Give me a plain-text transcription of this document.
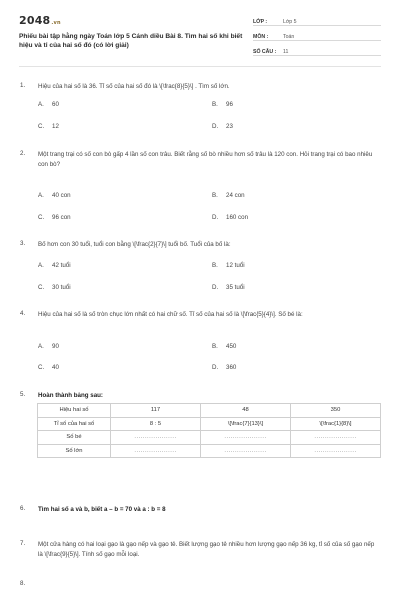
2048.vn
Phiếu bài tập hằng ngày Toán lớp 5 Cánh diều Bài 8. Tìm hai số khi biết hiệu và tỉ của hai số đó (có lời giải)
LỚP :	Lớp 5
MÔN :	Toán
SỐ CÂU :	11
1. Hiệu của hai số là 36. Tỉ số của hai số đó là \[\frac{8}{5}\] . Tìm số lớn.
A. 60	B. 96
C. 12	D. 23
2. Một trang trại có số con bò gấp 4 lần số con trâu. Biết rằng số bò nhiều hơn số trâu là 120 con. Hỏi trang trại có bao nhiêu con bò?
A. 40 con	B. 24 con
C. 96 con	D. 160 con
3. Bố hơn con 30 tuổi, tuổi con bằng \[\frac{2}{7}\] tuổi bố. Tuổi của bố là:
A. 42 tuổi	B. 12 tuổi
C. 30 tuổi	D. 35 tuổi
4. Hiệu của hai số là số tròn chục lớn nhất có hai chữ số. Tỉ số của hai số là \[\frac{5}{4}\]. Số bé là:
A. 90	B. 450
C. 40	D. 360
5. Hoàn thành bảng sau:
Hiệu hai số	117	48	350
Tỉ số của hai số	8 : 5	\[\frac{7}{13}\]	\[\frac{1}{8}\]
Số bé	....................	....................	....................
Số lớn	....................	....................	....................
6. Tìm hai số a và b, biết a – b = 70 và a : b = 8
7. Một cửa hàng có hai loại gạo là gạo nếp và gạo tẻ. Biết lượng gạo tẻ nhiều hơn lượng gạo nếp 36 kg, tỉ số của số gạo nếp là \[\frac{9}{5}\]. Tính số gạo mỗi loại.
8.
